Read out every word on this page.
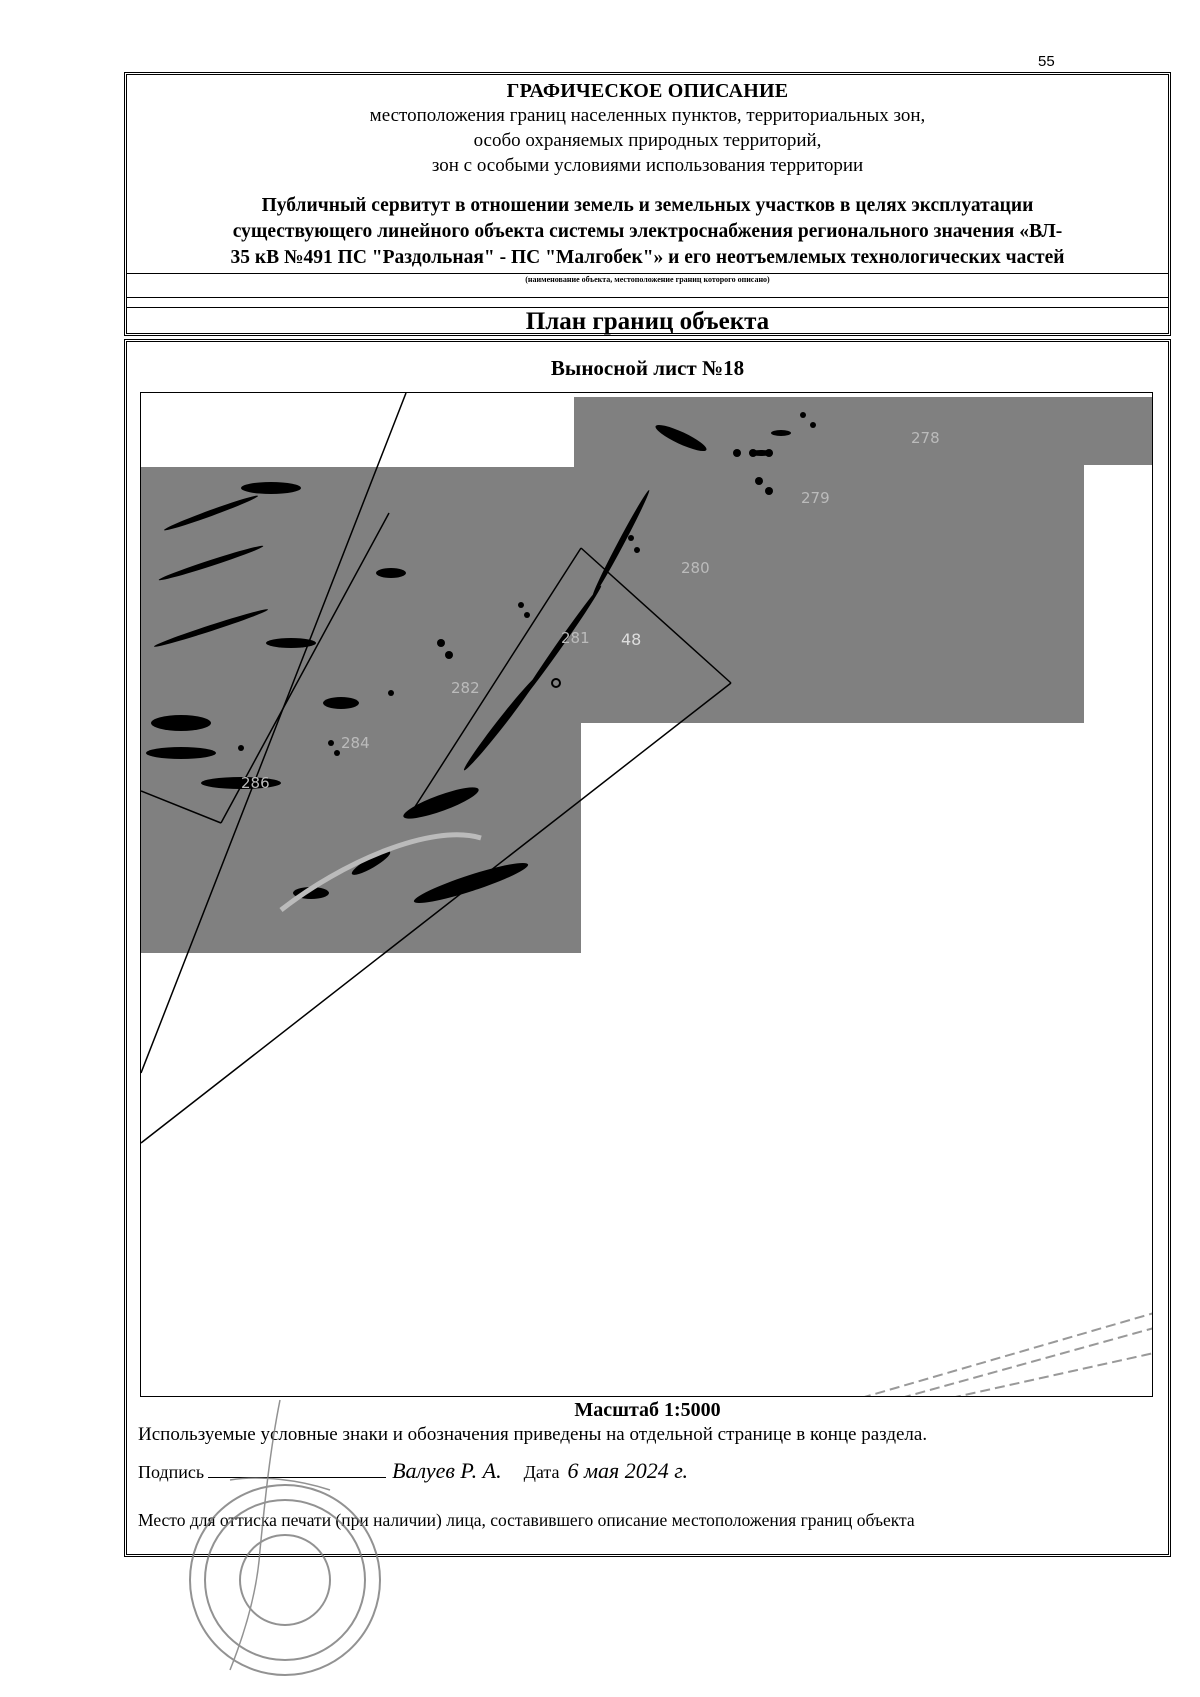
55
ГРАФИЧЕСКОЕ ОПИСАНИЕ
местоположения границ населенных пунктов, территориальных зон,
особо охраняемых природных территорий,
зон с особыми условиями использования территории
Публичный сервитут в отношении земель и земельных участков в целях эксплуатации
существующего линейного объекта системы электроснабжения регионального значения «ВЛ-
35 кВ №491 ПС "Раздольная" - ПС "Малгобек"» и его неотъемлемых технологических частей
(наименование объекта, местоположение границ которого описано)
План границ объекта
Выносной лист №18
278
279
280
281
282
284
286
48
Масштаб 1:5000
Используемые условные знаки и обозначения приведены на отдельной странице в конце раздела.
Подпись	Валуев Р. А. Дата 6 мая 2024 г.
Место для оттиска печати (при наличии) лица, составившего описание местоположения границ объекта
